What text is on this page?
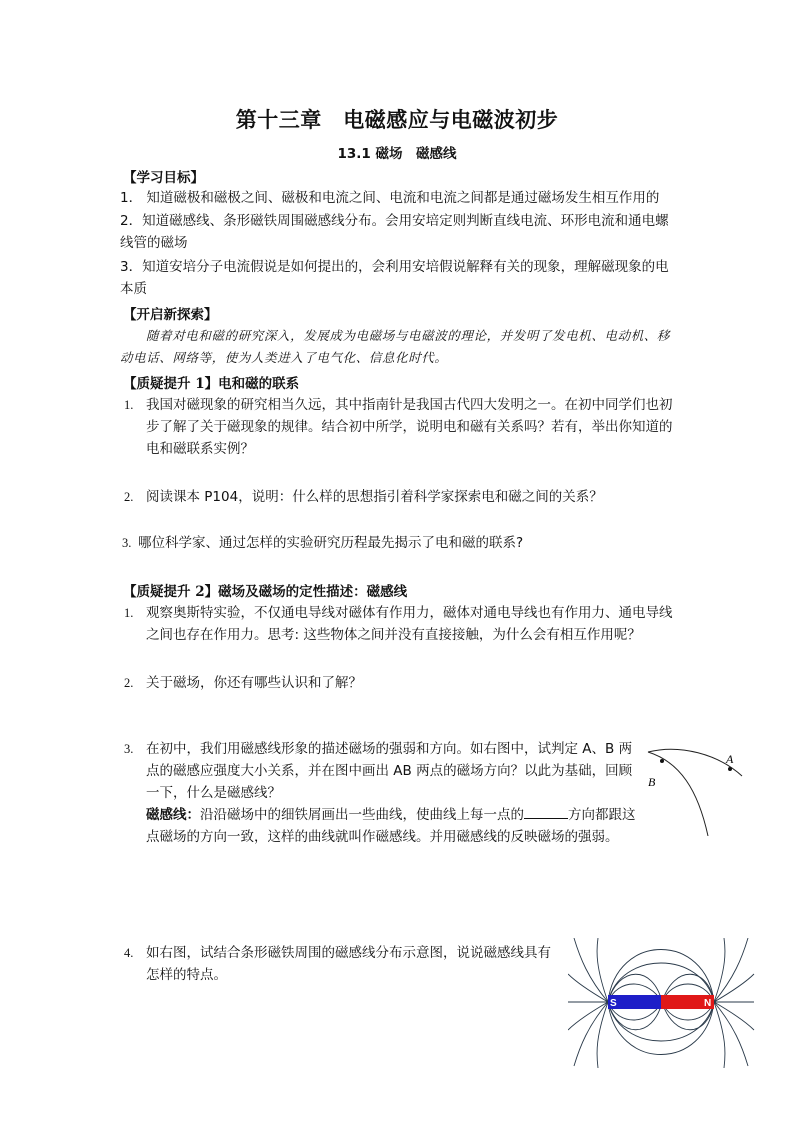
第十三章　电磁感应与电磁波初步
13.1 磁场　磁感线
【学习目标】
1． 知道磁极和磁极之间、磁极和电流之间、电流和电流之间都是通过磁场发生相互作用的
2．知道磁感线、条形磁铁周围磁感线分布。会用安培定则判断直线电流、环形电流和通电螺线管的磁场
3．知道安培分子电流假说是如何提出的，会利用安培假说解释有关的现象，理解磁现象的电本质
【开启新探索】
随着对电和磁的研究深入，发展成为电磁场与电磁波的理论，并发明了发电机、电动机、移动电话、网络等，使为人类进入了电气化、信息化时代。
【质疑提升 1】电和磁的联系
1. 我国对磁现象的研究相当久远，其中指南针是我国古代四大发明之一。在初中同学们也初步了解了关于磁现象的规律。结合初中所学，说明电和磁有关系吗？若有，举出你知道的电和磁联系实例？
2. 阅读课本 P104，说明：什么样的思想指引着科学家探索电和磁之间的关系？
3. 哪位科学家、通过怎样的实验研究历程最先揭示了电和磁的联系?
【质疑提升 2】磁场及磁场的定性描述：磁感线
1. 观察奥斯特实验，不仅通电导线对磁体有作用力，磁体对通电导线也有作用力、通电导线之间也存在作用力。思考: 这些物体之间并没有直接接触，为什么会有相互作用呢？
2. 关于磁场，你还有哪些认识和了解？
3. 在初中，我们用磁感线形象的描述磁场的强弱和方向。如右图中，试判定 A、B 两点的磁感应强度大小关系，并在图中画出 AB 两点的磁场方向？以此为基础，回顾一下，什么是磁感线？
磁感线：沿沿磁场中的细铁屑画出一些曲线，使曲线上每一点的	方向都跟这点磁场的方向一致，这样的曲线就叫作磁感线。并用磁感线的反映磁场的强弱。
4. 如右图，试结合条形磁铁周围的磁感线分布示意图，说说磁感线具有怎样的特点。
A
B
S	N
